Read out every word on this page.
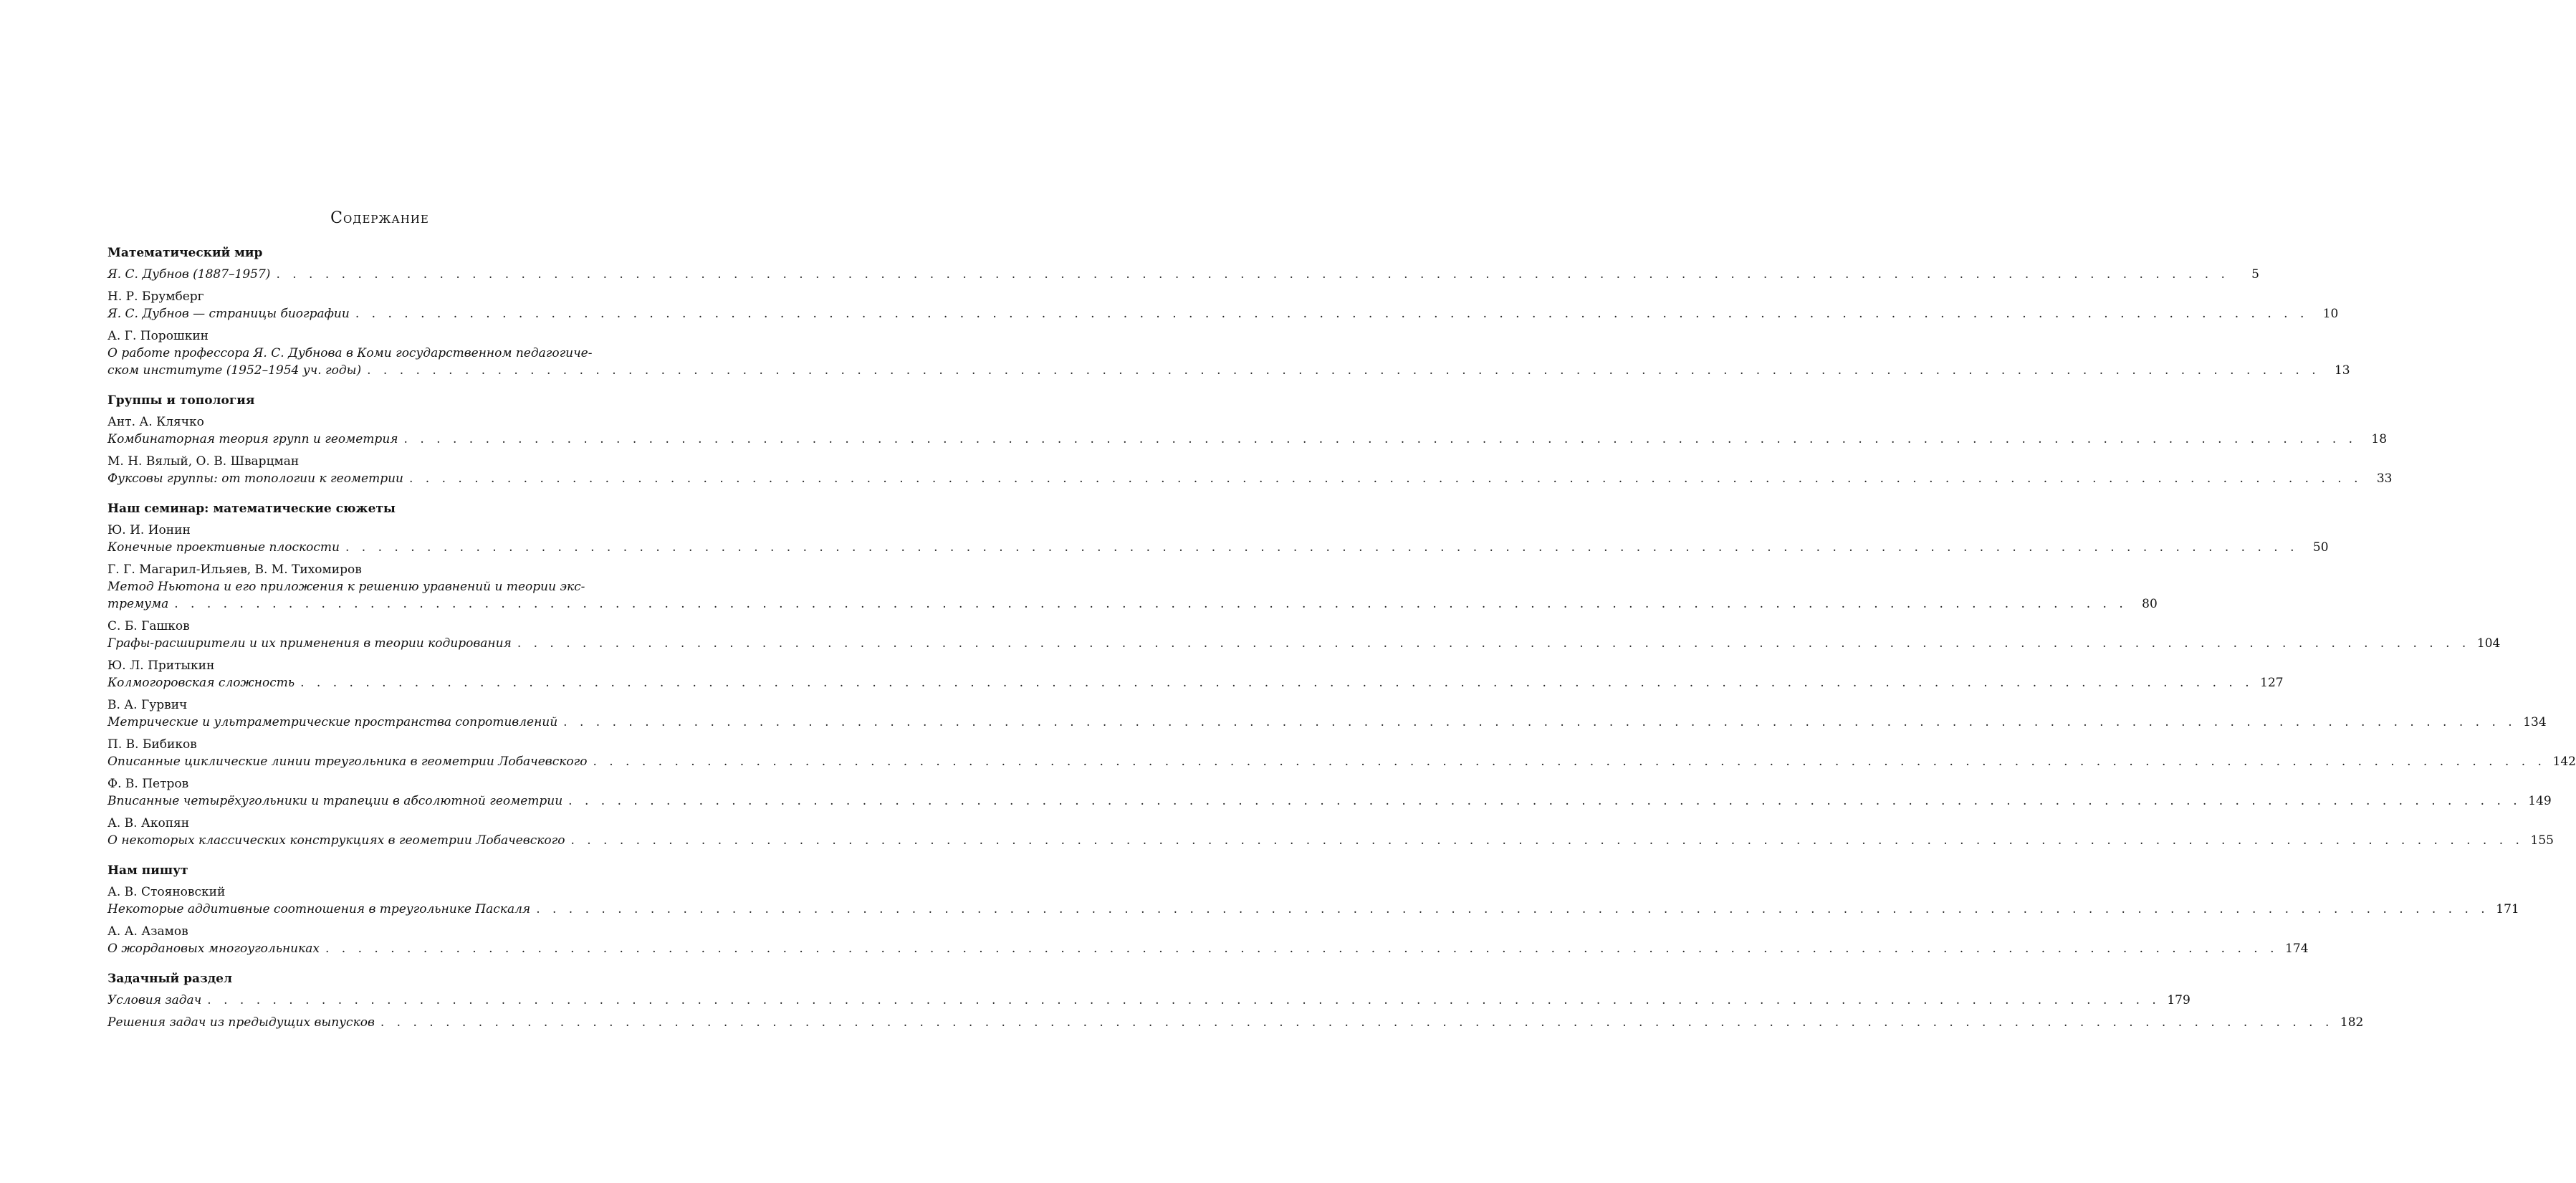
Содержание
Математический мир
Я. С. Дубнов (1887–1957) . . . . . . . . . . . . . . . . . . . . . . . . . . . . . . . . . . . . . . . . . . . . . . . . . . . . . . . . . . . . . . . . . . . . . . . . . . . . . . . . . . . . . . . . . . . . . . . . . . . . . . . . . . . . . . . . . . . . . . . .	5
Н. Р. Брумберг
Я. С. Дубнов — страницы биографии . . . . . . . . . . . . . . . . . . . . . . . . . . . . . . . . . . . . . . . . . . . . . . . . . . . . . . . . . . . . . . . . . . . . . . . . . . . . . . . . . . . . . . . . . . . . . . . . . . . . . . . . . . . . . . . . . . . . . . . .	10
А. Г. Порошкин
О работе профессора Я. С. Дубнова в Коми государственном педагогиче-
ском институте (1952–1954 уч. годы) . . . . . . . . . . . . . . . . . . . . . . . . . . . . . . . . . . . . . . . . . . . . . . . . . . . . . . . . . . . . . . . . . . . . . . . . . . . . . . . . . . . . . . . . . . . . . . . . . . . . . . . . . . . . . . . . . . . . . . . .	13
Группы и топология
Ант. А. Клячко
Комбинаторная теория групп и геометрия . . . . . . . . . . . . . . . . . . . . . . . . . . . . . . . . . . . . . . . . . . . . . . . . . . . . . . . . . . . . . . . . . . . . . . . . . . . . . . . . . . . . . . . . . . . . . . . . . . . . . . . . . . . . . . . . . . . . . . . .	18
М. Н. Вялый, О. В. Шварцман
Фуксовы группы: от топологии к геометрии . . . . . . . . . . . . . . . . . . . . . . . . . . . . . . . . . . . . . . . . . . . . . . . . . . . . . . . . . . . . . . . . . . . . . . . . . . . . . . . . . . . . . . . . . . . . . . . . . . . . . . . . . . . . . . . . . . . . . . . .	33
Наш семинар: математические сюжеты
Ю. И. Ионин
Конечные проективные плоскости . . . . . . . . . . . . . . . . . . . . . . . . . . . . . . . . . . . . . . . . . . . . . . . . . . . . . . . . . . . . . . . . . . . . . . . . . . . . . . . . . . . . . . . . . . . . . . . . . . . . . . . . . . . . . . . . . . . . . . . .	50
Г. Г. Магарил-Ильяев, В. М. Тихомиров
Метод Ньютона и его приложения к решению уравнений и теории экс-
тремума . . . . . . . . . . . . . . . . . . . . . . . . . . . . . . . . . . . . . . . . . . . . . . . . . . . . . . . . . . . . . . . . . . . . . . . . . . . . . . . . . . . . . . . . . . . . . . . . . . . . . . . . . . . . . . . . . . . . . . . .	80
С. Б. Гашков
Графы-расширители и их применения в теории кодирования . . . . . . . . . . . . . . . . . . . . . . . . . . . . . . . . . . . . . . . . . . . . . . . . . . . . . . . . . . . . . . . . . . . . . . . . . . . . . . . . . . . . . . . . . . . . . . . . . . . . . . . . . . . . . . . . . . . . . . . . 104
Ю. Л. Притыкин
Колмогоровская сложность . . . . . . . . . . . . . . . . . . . . . . . . . . . . . . . . . . . . . . . . . . . . . . . . . . . . . . . . . . . . . . . . . . . . . . . . . . . . . . . . . . . . . . . . . . . . . . . . . . . . . . . . . . . . . . . . . . . . . . . . 127
В. А. Гурвич
Метрические и ультраметрические пространства сопротивлений . . . . . . . . . . . . . . . . . . . . . . . . . . . . . . . . . . . . . . . . . . . . . . . . . . . . . . . . . . . . . . . . . . . . . . . . . . . . . . . . . . . . . . . . . . . . . . . . . . . . . . . . . . . . . . . . . . . . . . . . 134
П. В. Бибиков
Описанные циклические линии треугольника в геометрии Лобачевского . . . . . . . . . . . . . . . . . . . . . . . . . . . . . . . . . . . . . . . . . . . . . . . . . . . . . . . . . . . . . . . . . . . . . . . . . . . . . . . . . . . . . . . . . . . . . . . . . . . . . . . . . . . . . . . . . . . . . . . . 142
Ф. В. Петров
Вписанные четырёхугольники и трапеции в абсолютной геометрии . . . . . . . . . . . . . . . . . . . . . . . . . . . . . . . . . . . . . . . . . . . . . . . . . . . . . . . . . . . . . . . . . . . . . . . . . . . . . . . . . . . . . . . . . . . . . . . . . . . . . . . . . . . . . . . . . . . . . . . . 149
А. В. Акопян
О некоторых классических конструкциях в геометрии Лобачевского . . . . . . . . . . . . . . . . . . . . . . . . . . . . . . . . . . . . . . . . . . . . . . . . . . . . . . . . . . . . . . . . . . . . . . . . . . . . . . . . . . . . . . . . . . . . . . . . . . . . . . . . . . . . . . . . . . . . . . . . 155
Нам пишут
А. В. Стояновский
Некоторые аддитивные соотношения в треугольнике Паскаля . . . . . . . . . . . . . . . . . . . . . . . . . . . . . . . . . . . . . . . . . . . . . . . . . . . . . . . . . . . . . . . . . . . . . . . . . . . . . . . . . . . . . . . . . . . . . . . . . . . . . . . . . . . . . . . . . . . . . . . . 171
А. А. Азамов
О жордановых многоугольниках . . . . . . . . . . . . . . . . . . . . . . . . . . . . . . . . . . . . . . . . . . . . . . . . . . . . . . . . . . . . . . . . . . . . . . . . . . . . . . . . . . . . . . . . . . . . . . . . . . . . . . . . . . . . . . . . . . . . . . . . 174
Задачный раздел
Условия задач . . . . . . . . . . . . . . . . . . . . . . . . . . . . . . . . . . . . . . . . . . . . . . . . . . . . . . . . . . . . . . . . . . . . . . . . . . . . . . . . . . . . . . . . . . . . . . . . . . . . . . . . . . . . . . . . . . . . . . . . 179
Решения задач из предыдущих выпусков . . . . . . . . . . . . . . . . . . . . . . . . . . . . . . . . . . . . . . . . . . . . . . . . . . . . . . . . . . . . . . . . . . . . . . . . . . . . . . . . . . . . . . . . . . . . . . . . . . . . . . . . . . . . . . . . . . . . . . . . 182
